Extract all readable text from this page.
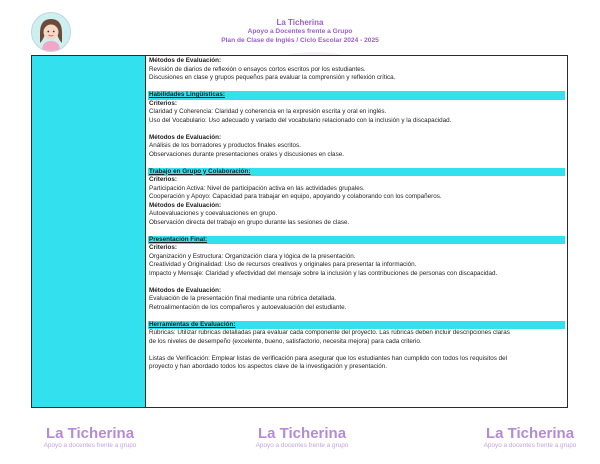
La Ticherina
Apoyo a Docentes frente a Grupo
Plan de Clase de Inglés / Ciclo Escolar 2024 - 2025
Métodos de Evaluación:
Revisión de diarios de reflexión o ensayos cortos escritos por los estudiantes.
Discusiones en clase y grupos pequeños para evaluar la comprensión y reflexión crítica.
Habilidades Lingüísticas:
Criterios:
Claridad y Coherencia: Claridad y coherencia en la expresión escrita y oral en inglés.
Uso del Vocabulario: Uso adecuado y variado del vocabulario relacionado con la inclusión y la discapacidad.
Métodos de Evaluación:
Análisis de los borradores y productos finales escritos.
Observaciones durante presentaciones orales y discusiones en clase.
Trabajo en Grupo y Colaboración:
Criterios:
Participación Activa: Nivel de participación activa en las actividades grupales.
Cooperación y Apoyo: Capacidad para trabajar en equipo, apoyando y colaborando con los compañeros.
Métodos de Evaluación:
Autoevaluaciones y coevaluaciones en grupo.
Observación directa del trabajo en grupo durante las sesiones de clase.
Presentación Final:
Criterios:
Organización y Estructura: Organización clara y lógica de la presentación.
Creatividad y Originalidad: Uso de recursos creativos y originales para presentar la información.
Impacto y Mensaje: Claridad y efectividad del mensaje sobre la inclusión y las contribuciones de personas con discapacidad.
Métodos de Evaluación:
Evaluación de la presentación final mediante una rúbrica detallada.
Retroalimentación de los compañeros y autoevaluación del estudiante.
Herramientas de Evaluación:
Rúbricas: Utilizar rúbricas detalladas para evaluar cada componente del proyecto. Las rúbricas deben incluir descripciones claras
de los niveles de desempeño (excelente, bueno, satisfactorio, necesita mejora) para cada criterio.
Listas de Verificación: Emplear listas de verificación para asegurar que los estudiantes han cumplido con todos los requisitos del
proyecto y han abordado todos los aspectos clave de la investigación y presentación.
La Ticherina
Apoyo a docentes frente a grupo
La Ticherina
Apoyo a docentes frente a grupo
La Ticherina
Apoyo a docentes frente a grupo
